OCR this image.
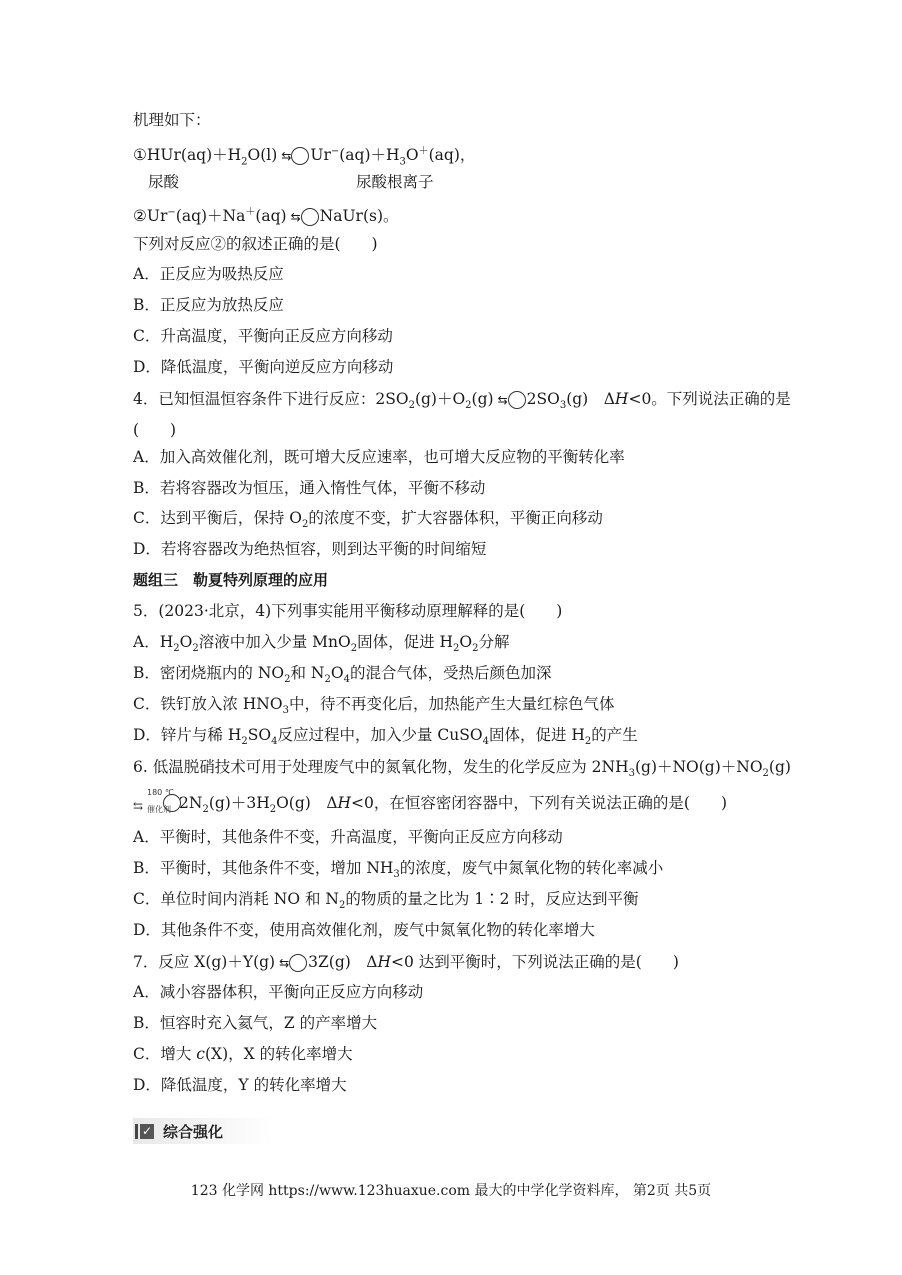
机理如下：
$①HUr(aq)+H_2O(l)$ $⇆○Ur^-(aq)+H_3O^+(aq)$，
尿酸	尿酸根离子
②Ur−(aq)＋Na＋(aq) ⇆○NaUr(s)。
下列对反应②的叙述正确的是(　　)
A．正反应为吸热反应
B．正反应为放热反应
C．升高温度，平衡向正反应方向移动
D．降低温度，平衡向逆反应方向移动
4．已知恒温恒容条件下进行反应：$2SO_2(g)+O_2(g)$ $⇆○2SO_3(g)$　ΔH<0。下列说法正确的是
(　　)
A．加入高效催化剂，既可增大反应速率，也可增大反应物的平衡转化率
B．若将容器改为恒压，通入惰性气体，平衡不移动
C．达到平衡后，保持 $O_2$的浓度不变，扩大容器体积，平衡正向移动
D．若将容器改为绝热恒容，则到达平衡的时间缩短
题组三　勒夏特列原理的应用
5．(2023·北京，4)下列事实能用平衡移动原理解释的是(　　)
A．$H_2O_2$溶液中加入少量 MnO$_2$固体，促进 $H_2O_2$分解
B．密闭烧瓶内的 $NO_2$和 $N_2O_4$的混合气体，受热后颜色加深
C．铁钉放入浓 $HNO_3$中，待不再变化后，加热能产生大量红棕色气体
D．锌片与稀 $H_2SO_4$反应过程中，加入少量 CuSO$_4$固体，促进 $H_2$的产生
6. 低温脱硝技术可用于处理废气中的氮氧化物，发生的化学反应为 $2NH_3(g)+NO(g)+NO_2(g)$
⇆
180 ℃
催化剂 $2N_2(g)+3H_2O(g)$　ΔH<0，在恒容密闭容器中，下列有关说法正确的是(　　)
A．平衡时，其他条件不变，升高温度，平衡向正反应方向移动
B．平衡时，其他条件不变，增加 $NH_3$的浓度，废气中氮氧化物的转化率减小
C．单位时间内消耗 NO 和 $N_2$的物质的量之比为 1∶2 时，反应达到平衡
D．其他条件不变，使用高效催化剂，废气中氮氧化物的转化率增大
7．反应 X(g)＋Y(g) ⇆○3Z(g)　ΔH<0 达到平衡时，下列说法正确的是(　　)
A．减小容器体积，平衡向正反应方向移动
B．恒容时充入氦气，Z 的产率增大
C．增大 c(X)，X 的转化率增大
D．降低温度，Y 的转化率增大
✓ 综合强化
123 化学网 https://www.123huaxue.com 最大的中学化学资料库， 第2页 共5页
